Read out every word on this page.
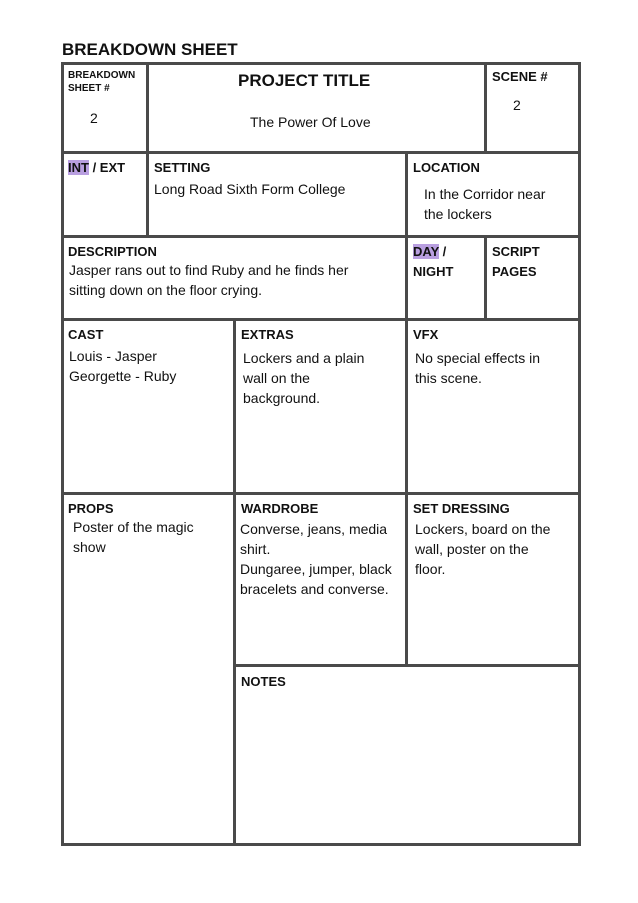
BREAKDOWN SHEET
BREAKDOWN
SHEET #
2
PROJECT TITLE
The Power Of Love
SCENE #
2
INT / EXT SETTING
Long Road Sixth Form College
LOCATION
In the Corridor near
the lockers
DESCRIPTION
Jasper rans out to find Ruby and he finds her
sitting down on the floor crying.
DAY /
NIGHT
SCRIPT
PAGES
CAST
Louis - Jasper
Georgette - Ruby
EXTRAS
Lockers and a plain
wall on the
background.
VFX
No special effects in
this scene.
PROPS
Poster of the magic
show
WARDROBE
Converse, jeans, media
shirt.
Dungaree, jumper, black
bracelets and converse.
SET DRESSING
Lockers, board on the
wall, poster on the
floor.
NOTES
